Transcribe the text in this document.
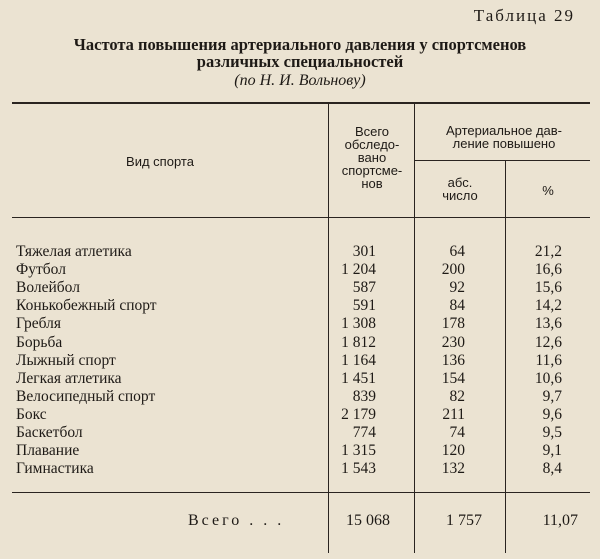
Таблица 29
Частота повышения артериального давления у спортсменов
различных специальностей
(по Н. И. Вольнову)
Вид спорта
Всего
обследо-
вано
спортсме-
нов
Артериальное дав-
ление повышено
абс.
число	%
Тяжелая атлетика	301	64	21,2
Футбол	1 204	200	16,6
Волейбол	587	92	15,6
Конькобежный спорт	591	84	14,2
Гребля	1 308	178	13,6
Борьба	1 812	230	12,6
Лыжный спорт	1 164	136	11,6
Легкая атлетика	1 451	154	10,6
Велосипедный спорт	839	82	9,7
Бокс	2 179	211	9,6
Баскетбол	774	74	9,5
Плавание	1 315	120	9,1
Гимнастика	1 543	132	8,4
Всего . . .	15 068	1 757	11,07
